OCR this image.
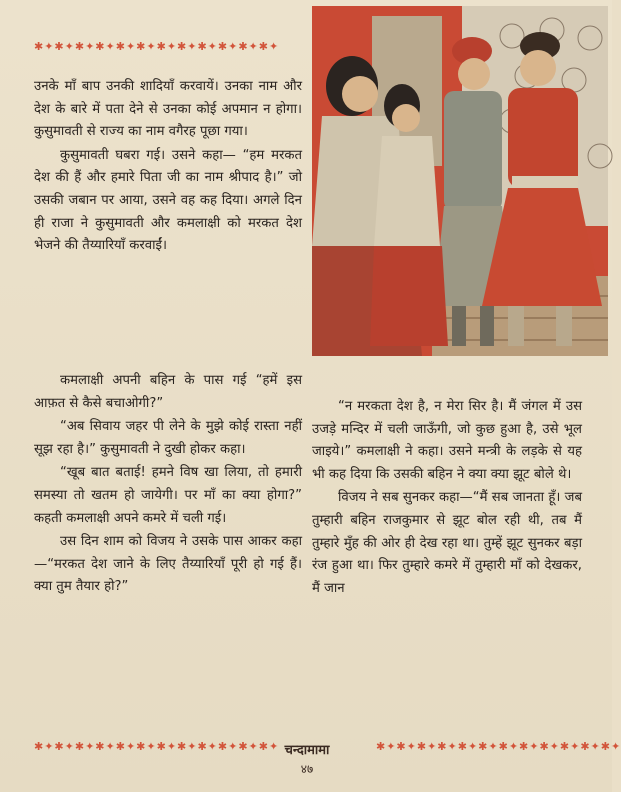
✱✦✱✦✱✦✱✦✱✦✱✦✱✦✱✦✱✦✱✦✱✦✱✦

उनके माँ बाप उनकी शादियाँ करवायें। उनका नाम और देश के बारे में पता देने से उनका कोई अपमान न होगा। कुसुमावती से राज्य का नाम वगैरह पूछा गया।

कुसुमावती घबरा गई। उसने कहा— “हम मरकत देश की हैं और हमारे पिता जी का नाम श्रीपाद है।” जो उसकी जबान पर आया, उसने वह कह दिया। अगले दिन ही राजा ने कुसुमावती और कमलाक्षी को मरकत देश भेजने की तैय्यारियाँ करवाईं।

कमलाक्षी अपनी बहिन के पास गई “हमें इस आफ़त से कैसे बचाओगी?”

“अब सिवाय जहर पी लेने के मुझे कोई रास्ता नहीं सूझ रहा है।” कुसुमावती ने दुखी होकर कहा।

“खूब बात बताई! हमने विष खा लिया, तो हमारी समस्या तो खतम हो जायेगी। पर माँ का क्या होगा?” कहती कमलाक्षी अपने कमरे में चली गई।

उस दिन शाम को विजय ने उसके पास आकर कहा—“मरकत देश जाने के लिए तैय्यारियाँ पूरी हो गई हैं। क्या तुम तैयार हो?”

“न मरकता देश है, न मेरा सिर है। मैं जंगल में उस उजड़े मन्दिर में चली जाऊँगी, जो कुछ हुआ है, उसे भूल जाइये।” कमलाक्षी ने कहा। उसने मन्त्री के लड़के से यह भी कह दिया कि उसकी बहिन ने क्या क्या झूट बोले थे।

विजय ने सब सुनकर कहा—“मैं सब जानता हूँ। जब तुम्हारी बहिन राजकुमार से झूट बोल रही थी, तब मैं तुम्हारे मुँह की ओर ही देख रहा था। तुम्हें झूट सुनकर बड़ा रंज हुआ था। फिर तुम्हारे कमरे में तुम्हारी माँ को देखकर, मैं जान

✱✦✱✦✱✦✱✦✱✦✱✦✱✦✱✦✱✦✱✦✱✦✱✦ चन्दामामा
४७
✱✦✱✦✱✦✱✦✱✦✱✦✱✦✱✦✱✦✱✦✱✦✱✦
